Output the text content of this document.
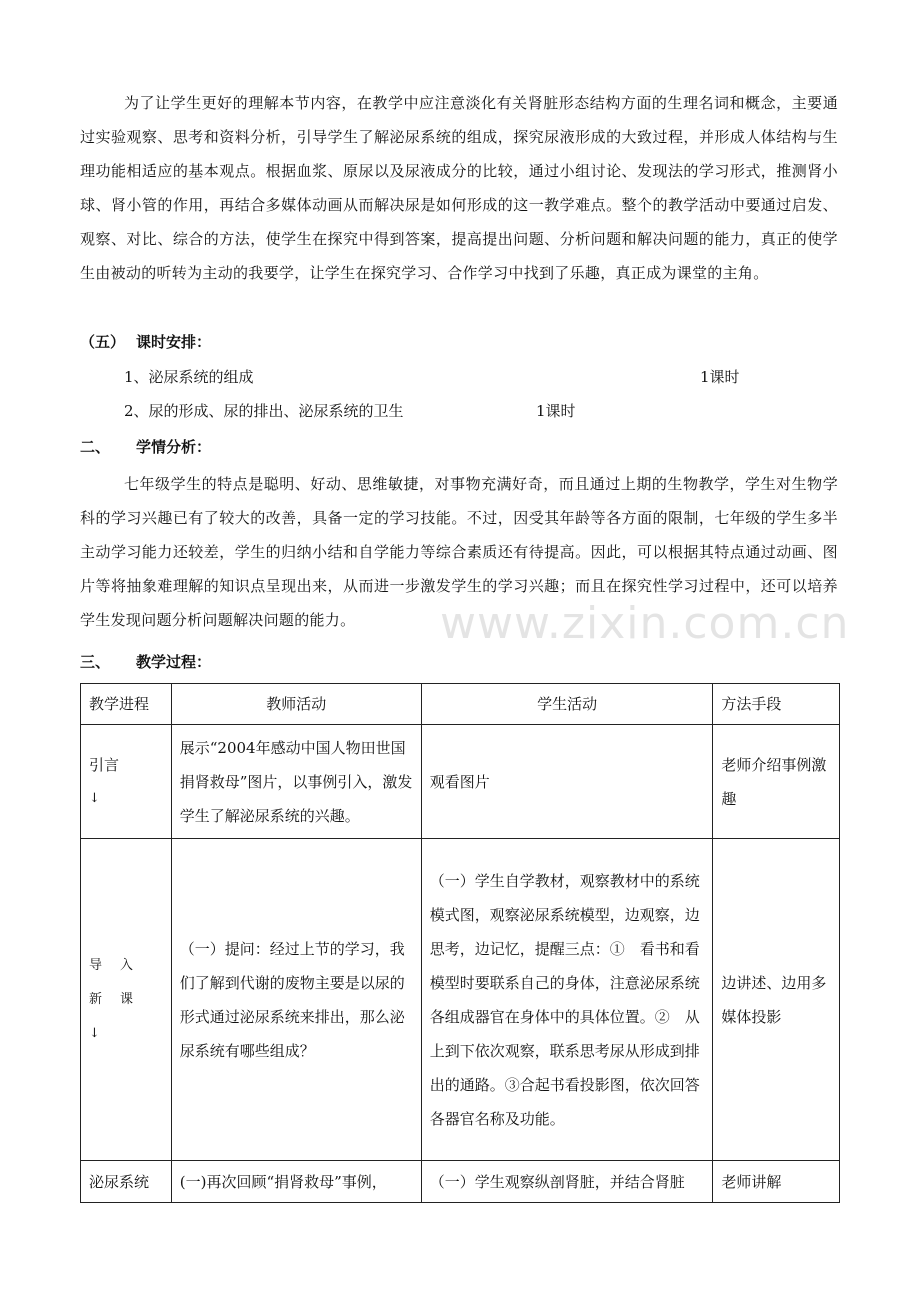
为了让学生更好的理解本节内容，在教学中应注意淡化有关肾脏形态结构方面的生理名词和概念，主要通过实验观察、思考和资料分析，引导学生了解泌尿系统的组成，探究尿液形成的大致过程，并形成人体结构与生理功能相适应的基本观点。根据血浆、原尿以及尿液成分的比较，通过小组讨论、发现法的学习形式，推测肾小球、肾小管的作用，再结合多媒体动画从而解决尿是如何形成的这一教学难点。整个的教学活动中要通过启发、观察、对比、综合的方法，使学生在探究中得到答案，提高提出问题、分析问题和解决问题的能力，真正的使学生由被动的听转为主动的我要学，让学生在探究学习、合作学习中找到了乐趣，真正成为课堂的主角。

（五） 课时安排：

1、泌尿系统的组成	1课时

2、尿的形成、尿的排出、泌尿系统的卫生	1课时

二、 学情分析：

七年级学生的特点是聪明、好动、思维敏捷，对事物充满好奇，而且通过上期的生物教学，学生对生物学科的学习兴趣已有了较大的改善，具备一定的学习技能。不过，因受其年龄等各方面的限制，七年级的学生多半主动学习能力还较差，学生的归纳小结和自学能力等综合素质还有待提高。因此，可以根据其特点通过动画、图片等将抽象难理解的知识点呈现出来，从而进一步激发学生的学习兴趣；而且在探究性学习过程中，还可以培养学生发现问题分析问题解决问题的能力。	www.zixin.com.cn

三、 教学过程：

教学进程	教师活动	学生活动	方法手段
引言
↓	展示“2004年感动中国人物田世国捐肾救母”图片，以事例引入，激发学生了解泌尿系统的兴趣。	观看图片	老师介绍事例激趣

导入
新课
↓	（一）提问：经过上节的学习，我们了解到代谢的废物主要是以尿的形式通过泌尿系统来排出，那么泌尿系统有哪些组成？	（一）学生自学教材，观察教材中的系统模式图，观察泌尿系统模型，边观察，边思考，边记忆，提醒三点：①　看书和看模型时要联系自己的身体，注意泌尿系统各组成器官在身体中的具体位置。②　从上到下依次观察，联系思考尿从形成到排出的通路。③合起书看投影图，依次回答各器官名称及功能。	边讲述、边用多媒体投影
泌尿系统	(一)再次回顾“捐肾救母”事例，	（一）学生观察纵剖肾脏，并结合肾脏	老师讲解
